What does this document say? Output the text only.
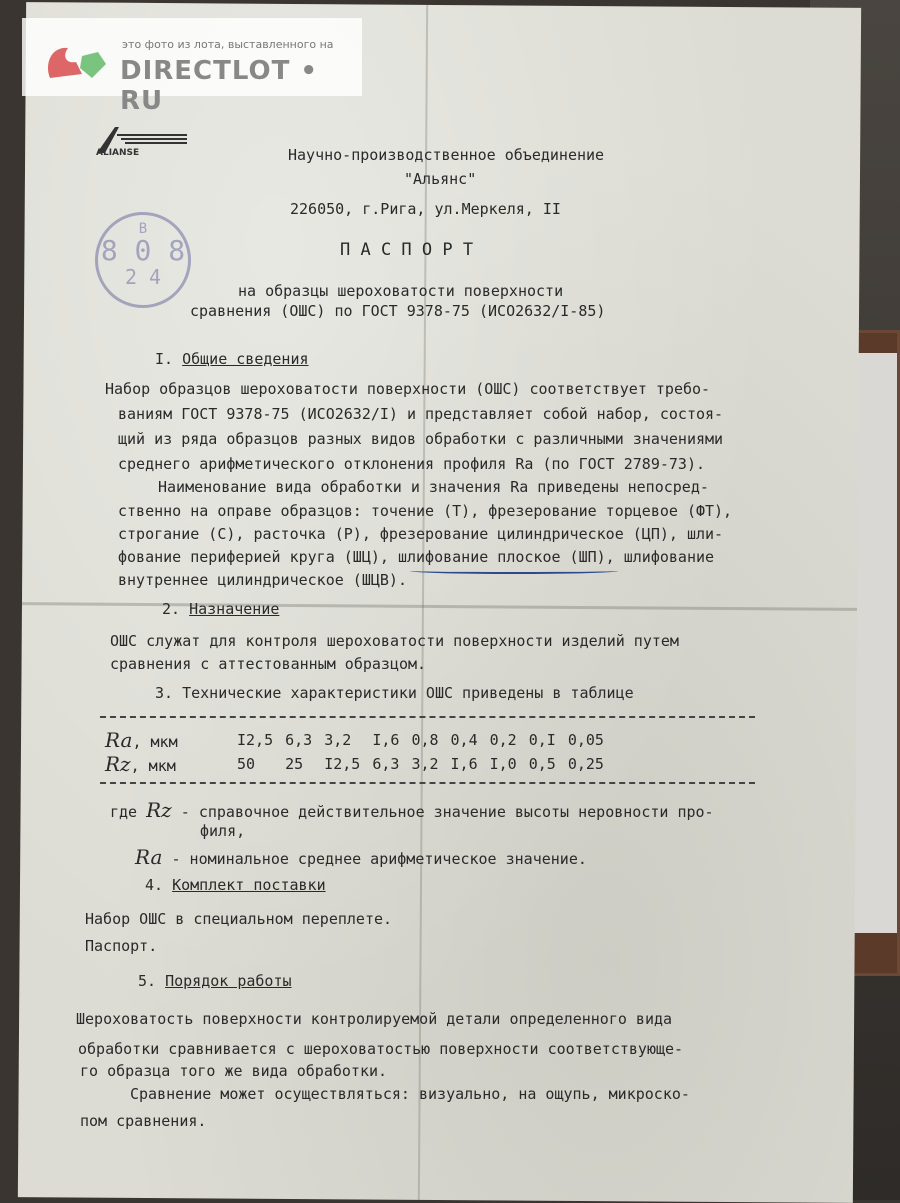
это фото из лота, выставленного на
DIRECTLOT • RU
ALIANSE
В
8 0 8
2 4
Научно-производственное объединение
"Альянс"
226050, г.Рига, ул.Меркеля, II
П А С П О Р Т
на образцы шероховатости поверхности
сравнения (ОШС) по ГОСТ 9378-75 (ИСО2632/I-85)
I. Общие сведения
Набор образцов шероховатости поверхности (ОШС) соответствует требо-
ваниям ГОСТ 9378-75 (ИСО2632/I) и представляет собой набор, состоя-
щий из ряда образцов разных видов обработки с различными значениями
среднего арифметического отклонения профиля Ra (по ГОСТ 2789-73).
Наименование вида обработки и значения Ra приведены непосред-
ственно на оправе образцов: точение (Т), фрезерование торцевое (ФТ),
строгание (С), расточка (Р), фрезерование цилиндрическое (ЦП), шли-
фование периферией круга (ШЦ), шлифование плоское (ШП), шлифование
внутреннее цилиндрическое (ШЦВ).
2. Назначение
ОШС служат для контроля шероховатости поверхности изделий путем
сравнения с аттестованным образцом.
3. Технические характеристики ОШС приведены в таблице
Ra, мкм	I2,5	6,3	3,2	I,6	0,8	0,4	0,2	0,I	0,05
Rz, мкм	50	25	I2,5	6,3	3,2	I,6	I,0	0,5	0,25
где Rz - справочное действительное значение высоты неровности про-
филя,
Ra - номинальное среднее арифметическое значение.
4. Комплект поставки
Набор ОШС в специальном переплете.
Паспорт.
5. Порядок работы
Шероховатость поверхности контролируемой детали определенного вида
обработки сравнивается с шероховатостью поверхности соответствующе-
го образца того же вида обработки.
Сравнение может осуществляться: визуально, на ощупь, микроско-
пом сравнения.
